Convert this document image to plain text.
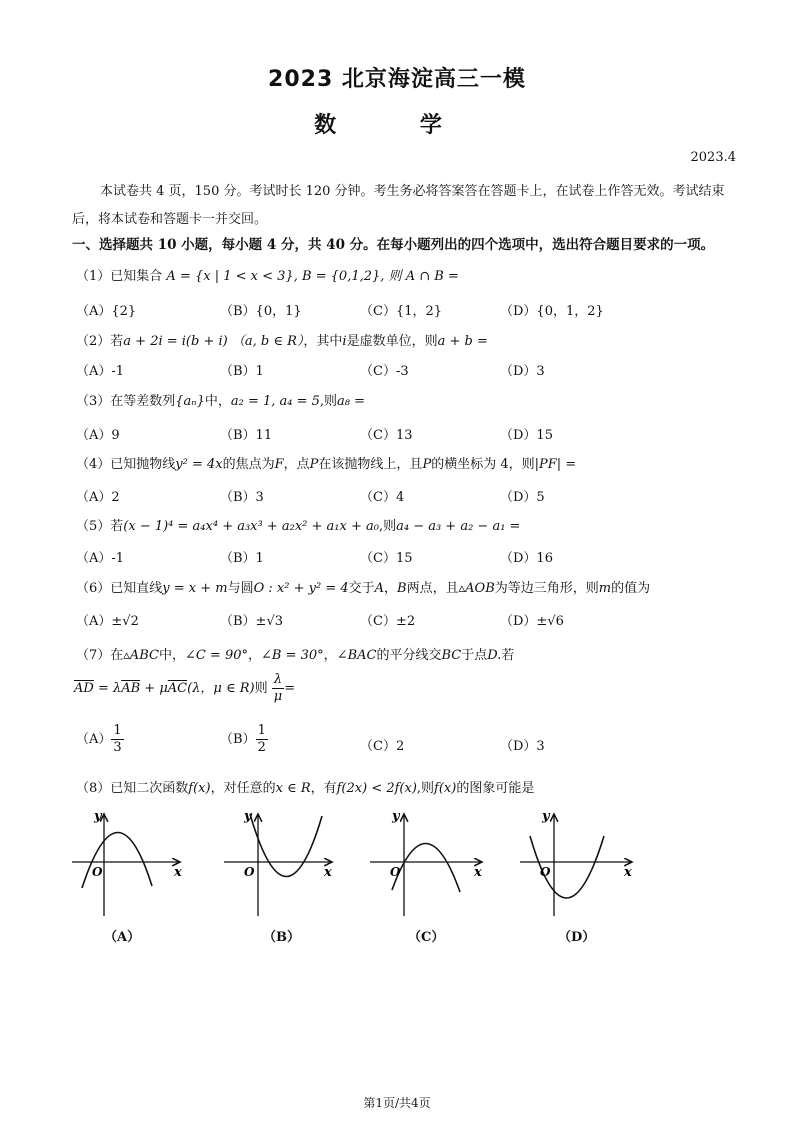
2023 北京海淀高三一模
数 学
2023.4
本试卷共 4 页，150 分。考试时长 120 分钟。考生务必将答案答在答题卡上，在试卷上作答无效。考试结束后，将本试卷和答题卡一并交回。
一、选择题共 10 小题，每小题 4 分，共 40 分。在每小题列出的四个选项中，选出符合题目要求的一项。
（1）已知集合 A = {x | 1 < x < 3}, B = {0,1,2}, 则 A ∩ B =
（A）{2}	（B）{0，1}	（C）{1，2}	（D）{0，1，2}
（2）若a + 2i = i(b + i) （a, b ∈ R），其中i是虚数单位，则a + b =
（A）-1	（B）1	（C）-3	（D）3
（3）在等差数列{aₙ}中，a₂ = 1, a₄ = 5,则a₈ =
（A）9	（B）11	（C）13	（D）15
（4）已知抛物线y² = 4x的焦点为F，点P在该抛物线上，且P的横坐标为 4，则|PF| =
（A）2	（B）3	（C）4	（D）5
（5）若(x − 1)⁴ = a₄x⁴ + a₃x³ + a₂x² + a₁x + a₀,则a₄ − a₃ + a₂ − a₁ =
（A）-1	（B）1	（C）15	（D）16
（6）已知直线y = x + m与圆O : x² + y² = 4交于A，B两点，且▵AOB为等边三角形，则m的值为
（A）±√2	（B）±√3	（C）±2	（D）±√6
（7）在▵ABC中，∠C = 90°，∠B = 30°，∠BAC的平分线交BC于点D.若
$\overline{AD} = \lambda\overline{AB} + \mu\overline{AC}(\lambda$，μ ∈ R)则 $\frac{\lambda}{\mu}$ =
$(A) \frac{1}{3}$	$(B) \frac{1}{2}$	（C）2	（D）3
（8）已知二次函数f(x)，对任意的x ∈ R，有f(2x) < 2f(x),则f(x)的图象可能是
y
x
O
（A）
y
x
O
（B）
y
x
O
（C）
y
x
O
（D）
第1页/共4页
